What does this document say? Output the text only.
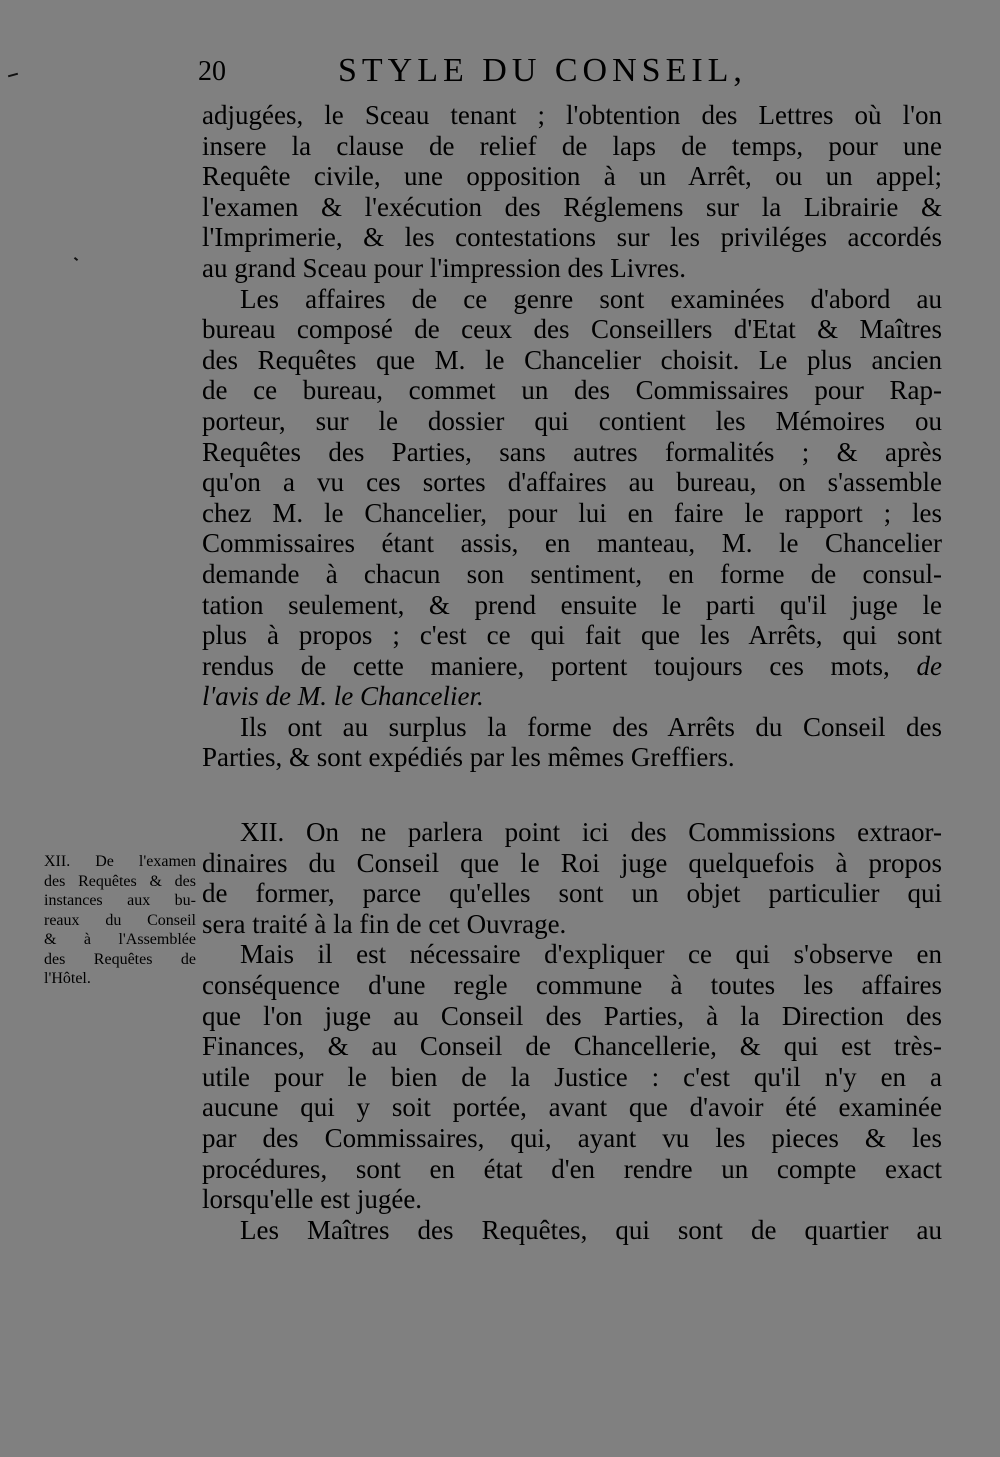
20	STYLE DU CONSEIL,
adjugées, le Sceau tenant ; l'obtention des Lettres où l'on
insere la clause de relief de laps de temps, pour une
Requête civile, une opposition à un Arrêt, ou un appel;
l'examen & l'exécution des Réglemens sur la Librairie &
l'Imprimerie, & les contestations sur les priviléges accordés
au grand Sceau pour l'impression des Livres.
Les affaires de ce genre sont examinées d'abord au
bureau composé de ceux des Conseillers d'Etat & Maîtres
des Requêtes que M. le Chancelier choisit. Le plus ancien
de ce bureau, commet un des Commissaires pour Rap-
porteur, sur le dossier qui contient les Mémoires ou
Requêtes des Parties, sans autres formalités ; & après
qu'on a vu ces sortes d'affaires au bureau, on s'assemble
chez M. le Chancelier, pour lui en faire le rapport ; les
Commissaires étant assis, en manteau, M. le Chancelier
demande à chacun son sentiment, en forme de consul-
tation seulement, & prend ensuite le parti qu'il juge le
plus à propos ; c'est ce qui fait que les Arrêts, qui sont
rendus de cette maniere, portent toujours ces mots, de
l'avis de M. le Chancelier.
Ils ont au surplus la forme des Arrêts du Conseil des
Parties, & sont expédiés par les mêmes Greffiers.
XII. On ne parlera point ici des Commissions extraor-
dinaires du Conseil que le Roi juge quelquefois à propos
de former, parce qu'elles sont un objet particulier qui
sera traité à la fin de cet Ouvrage.
Mais il est nécessaire d'expliquer ce qui s'observe en
conséquence d'une regle commune à toutes les affaires
que l'on juge au Conseil des Parties, à la Direction des
Finances, & au Conseil de Chancellerie, & qui est très-
utile pour le bien de la Justice : c'est qu'il n'y en a
aucune qui y soit portée, avant que d'avoir été examinée
par des Commissaires, qui, ayant vu les pieces & les
procédures, sont en état d'en rendre un compte exact
lorsqu'elle est jugée.
Les Maîtres des Requêtes, qui sont de quartier au
XII. De l'examen
des Requêtes & des
instances aux bu-
reaux du Conseil
& à l'Assemblée
des Requêtes de
l'Hôtel.
